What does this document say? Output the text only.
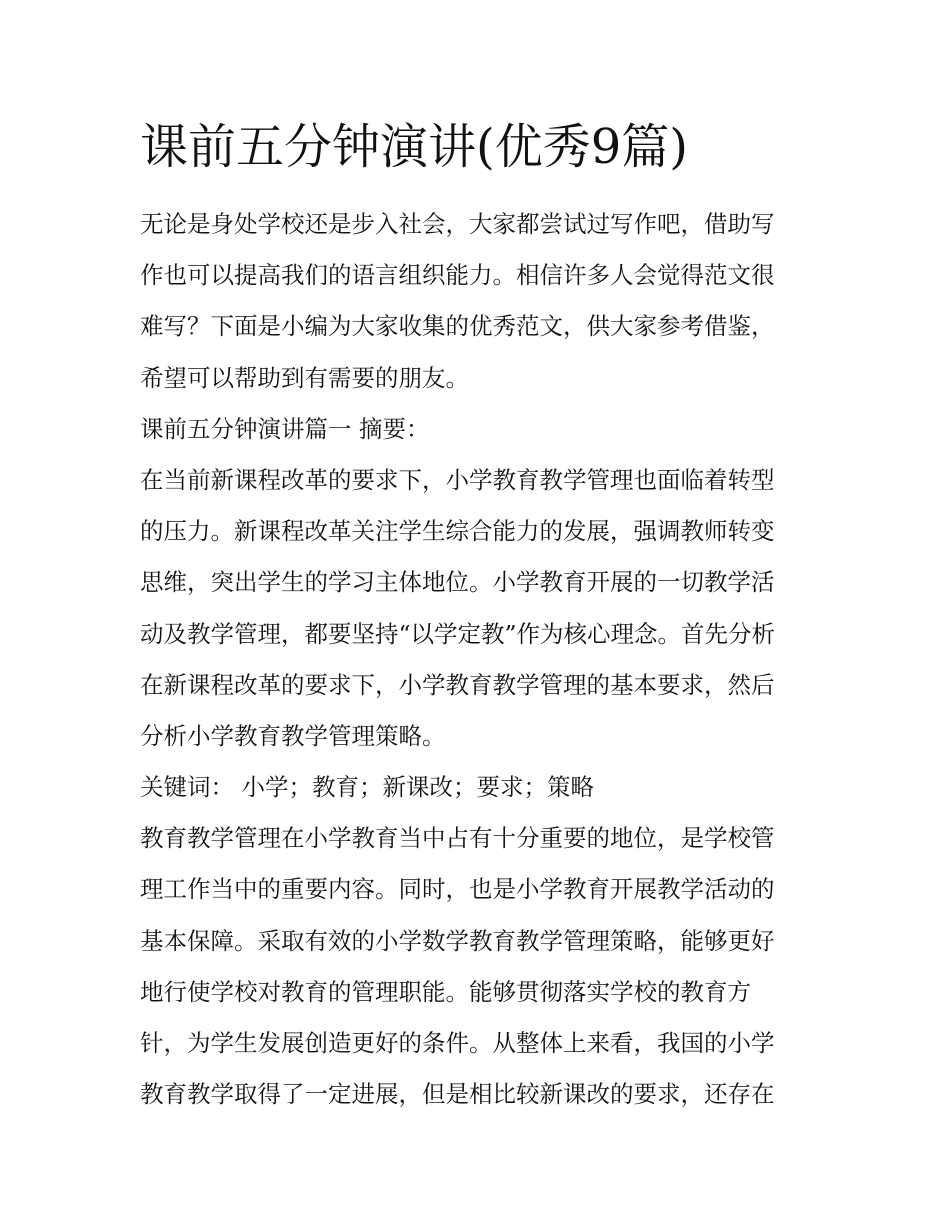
课前五分钟演讲(优秀9篇)
无论是身处学校还是步入社会，大家都尝试过写作吧，借助写
作也可以提高我们的语言组织能力。相信许多人会觉得范文很
难写？下面是小编为大家收集的优秀范文，供大家参考借鉴，
希望可以帮助到有需要的朋友。
课前五分钟演讲篇一 摘要：
在当前新课程改革的要求下，小学教育教学管理也面临着转型
的压力。新课程改革关注学生综合能力的发展，强调教师转变
思维，突出学生的学习主体地位。小学教育开展的一切教学活
动及教学管理，都要坚持“以学定教”作为核心理念。首先分析
在新课程改革的要求下，小学教育教学管理的基本要求，然后
分析小学教育教学管理策略。
关键词： 小学；教育；新课改；要求；策略
教育教学管理在小学教育当中占有十分重要的地位，是学校管
理工作当中的重要内容。同时，也是小学教育开展教学活动的
基本保障。采取有效的小学数学教育教学管理策略，能够更好
地行使学校对教育的管理职能。能够贯彻落实学校的教育方
针，为学生发展创造更好的条件。从整体上来看，我国的小学
教育教学取得了一定进展，但是相比较新课改的要求，还存在
